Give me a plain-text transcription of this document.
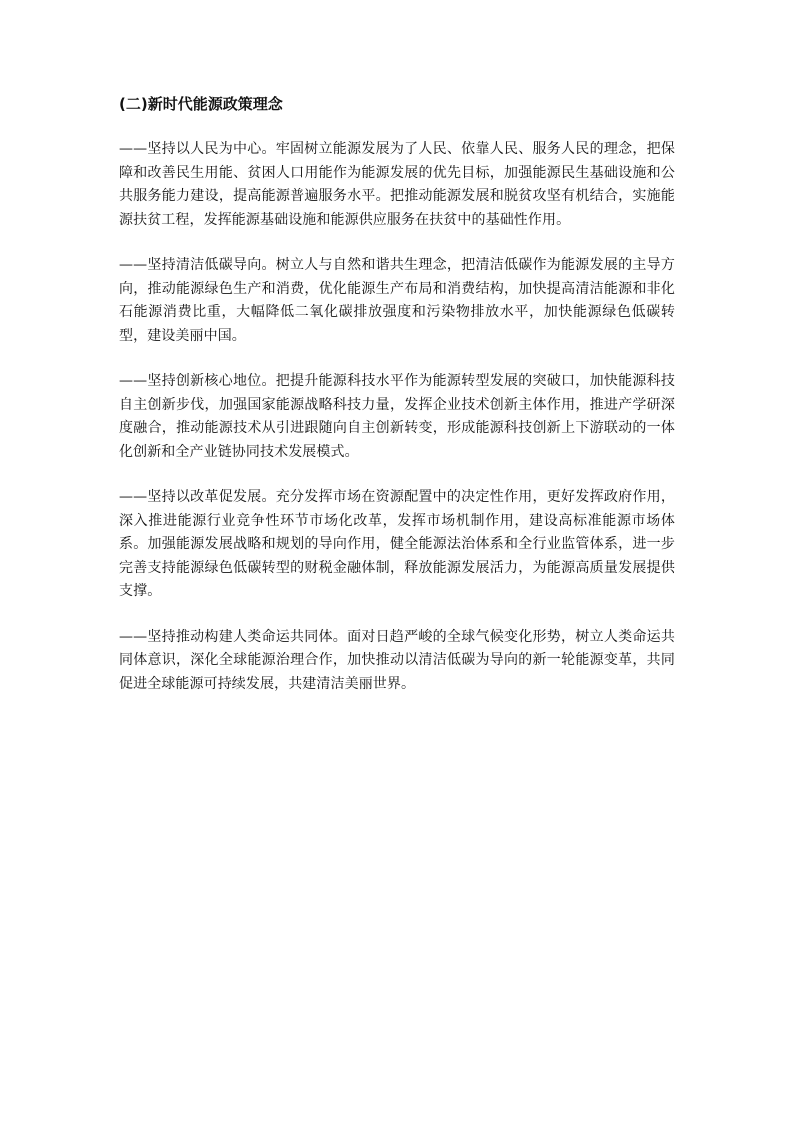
(二)新时代能源政策理念

——坚持以人民为中心。牢固树立能源发展为了人民、依靠人民、服务人民的理念，把保障和改善民生用能、贫困人口用能作为能源发展的优先目标，加强能源民生基础设施和公共服务能力建设，提高能源普遍服务水平。把推动能源发展和脱贫攻坚有机结合，实施能源扶贫工程，发挥能源基础设施和能源供应服务在扶贫中的基础性作用。

——坚持清洁低碳导向。树立人与自然和谐共生理念，把清洁低碳作为能源发展的主导方向，推动能源绿色生产和消费，优化能源生产布局和消费结构，加快提高清洁能源和非化石能源消费比重，大幅降低二氧化碳排放强度和污染物排放水平，加快能源绿色低碳转型，建设美丽中国。

——坚持创新核心地位。把提升能源科技水平作为能源转型发展的突破口，加快能源科技自主创新步伐，加强国家能源战略科技力量，发挥企业技术创新主体作用，推进产学研深度融合，推动能源技术从引进跟随向自主创新转变，形成能源科技创新上下游联动的一体化创新和全产业链协同技术发展模式。

——坚持以改革促发展。充分发挥市场在资源配置中的决定性作用，更好发挥政府作用，深入推进能源行业竞争性环节市场化改革，发挥市场机制作用，建设高标准能源市场体系。加强能源发展战略和规划的导向作用，健全能源法治体系和全行业监管体系，进一步完善支持能源绿色低碳转型的财税金融体制，释放能源发展活力，为能源高质量发展提供支撑。

——坚持推动构建人类命运共同体。面对日趋严峻的全球气候变化形势，树立人类命运共同体意识，深化全球能源治理合作，加快推动以清洁低碳为导向的新一轮能源变革，共同促进全球能源可持续发展，共建清洁美丽世界。
